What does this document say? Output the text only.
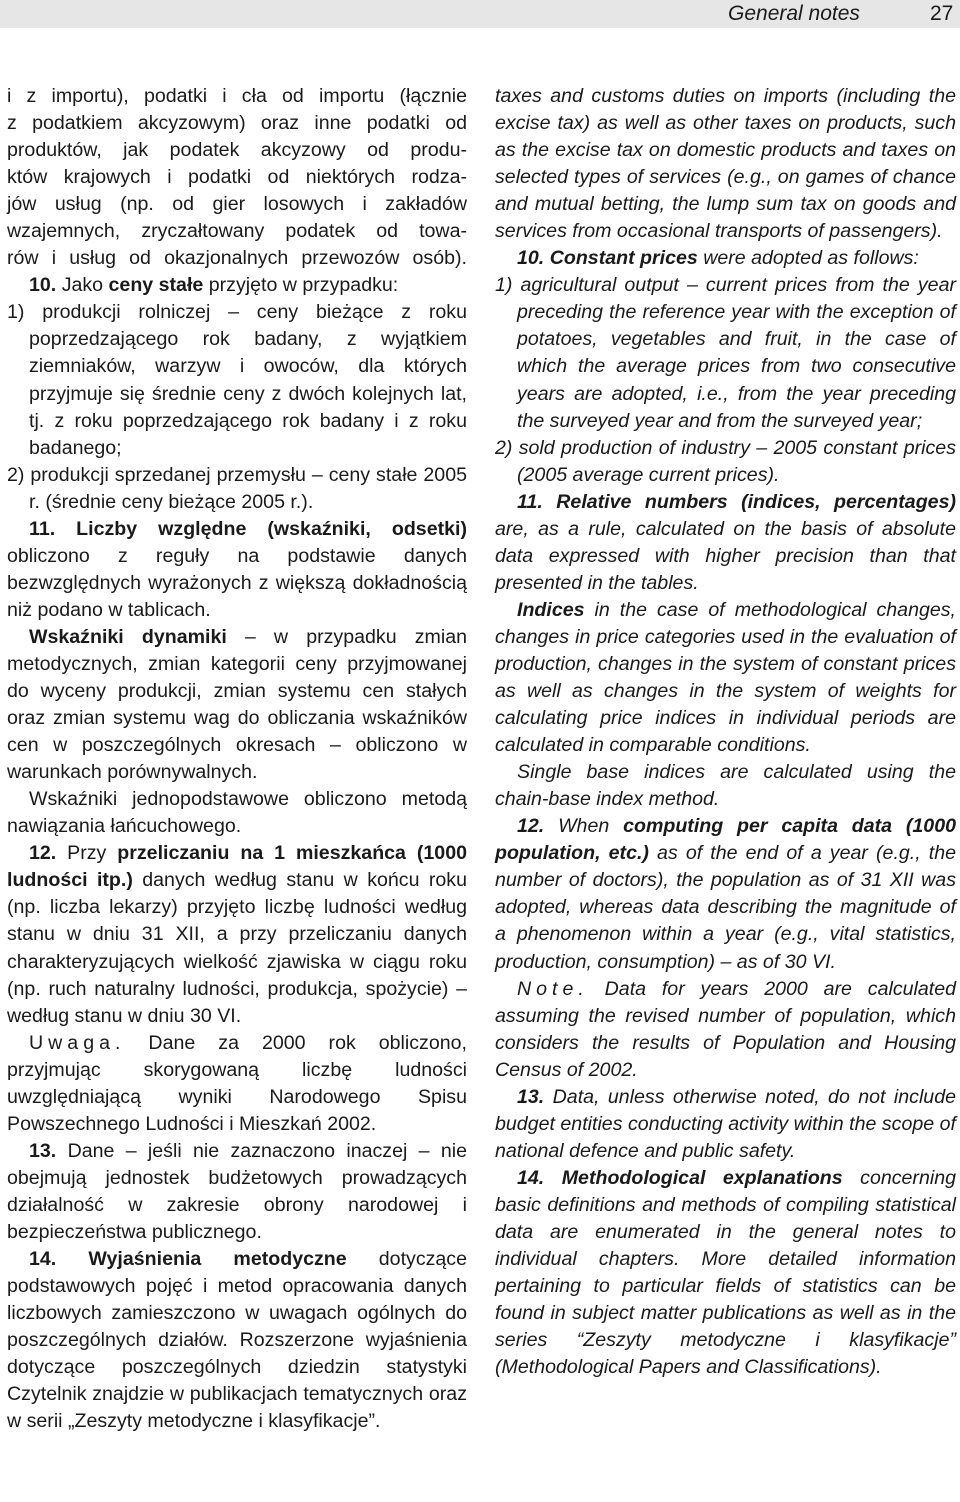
General notes	27
i z importu), podatki i cła od importu (łącznie
z podatkiem akcyzowym) oraz inne podatki od
produktów, jak podatek akcyzowy od produ-
któw krajowych i podatki od niektórych rodza-
jów usług (np. od gier losowych i zakładów
wzajemnych, zryczałtowany podatek od towa-
rów i usług od okazjonalnych przewozów osób).

10. Jako ceny stałe przyjęto w przypadku:

1) produkcji rolniczej – ceny bieżące z roku poprzedzającego rok badany, z wyjątkiem ziemniaków, warzyw i owoców, dla których przyjmuje się średnie ceny z dwóch kolejnych lat, tj. z roku poprzedzającego rok badany i z roku badanego;

2) produkcji sprzedanej przemysłu – ceny stałe 2005 r. (średnie ceny bieżące 2005 r.).

11. Liczby względne (wskaźniki, odsetki) obliczono z reguły na podstawie danych bezwzględnych wyrażonych z większą dokładnością niż podano w tablicach.

Wskaźniki dynamiki – w przypadku zmian metodycznych, zmian kategorii ceny przyjmowanej do wyceny produkcji, zmian systemu cen stałych oraz zmian systemu wag do obliczania wskaźników cen w poszczególnych okresach – obliczono w warunkach porównywalnych.

Wskaźniki jednopodstawowe obliczono metodą nawiązania łańcuchowego.

12. Przy przeliczaniu na 1 mieszkańca (1000 ludności itp.) danych według stanu w końcu roku (np. liczba lekarzy) przyjęto liczbę ludności według stanu w dniu 31 XII, a przy przeliczaniu danych charakteryzujących wielkość zjawiska w ciągu roku (np. ruch naturalny ludności, produkcja, spożycie) – według stanu w dniu 30 VI.

Uwaga. Dane za 2000 rok obliczono, przyjmując skorygowaną liczbę ludności uwzględniającą wyniki Narodowego Spisu Powszechnego Ludności i Mieszkań 2002.

13. Dane – jeśli nie zaznaczono inaczej – nie obejmują jednostek budżetowych prowadzących działalność w zakresie obrony narodowej i bezpieczeństwa publicznego.

14. Wyjaśnienia metodyczne dotyczące podstawowych pojęć i metod opracowania danych liczbowych zamieszczono w uwagach ogólnych do poszczególnych działów. Rozszerzone wyjaśnienia dotyczące poszczególnych dziedzin statystyki Czytelnik znajdzie w publikacjach tematycznych oraz w serii „Zeszyty metodyczne i klasyfikacje”.

taxes and customs duties on imports (including the excise tax) as well as other taxes on products, such as the excise tax on domestic products and taxes on selected types of services (e.g., on games of chance and mutual betting, the lump sum tax on goods and services from occasional transports of passengers).

10. Constant prices were adopted as follows:

1) agricultural output – current prices from the year preceding the reference year with the exception of potatoes, vegetables and fruit, in the case of which the average prices from two consecutive years are adopted, i.e., from the year preceding the surveyed year and from the surveyed year;

2) sold production of industry – 2005 constant prices (2005 average current prices).

11. Relative numbers (indices, percentages) are, as a rule, calculated on the basis of absolute data expressed with higher precision than that presented in the tables.

Indices in the case of methodological changes, changes in price categories used in the evaluation of production, changes in the system of constant prices as well as changes in the system of weights for calculating price indices in individual periods are calculated in comparable conditions.

Single base indices are calculated using the chain-base index method.

12. When computing per capita data (1000 population, etc.) as of the end of a year (e.g., the number of doctors), the population as of 31 XII was adopted, whereas data describing the magnitude of a phenomenon within a year (e.g., vital statistics, production, consumption) – as of 30 VI.

Note. Data for years 2000 are calculated assuming the revised number of population, which considers the results of Population and Housing Census of 2002.

13. Data, unless otherwise noted, do not include budget entities conducting activity within the scope of national defence and public safety.

14. Methodological explanations concerning basic definitions and methods of compiling statistical data are enumerated in the general notes to individual chapters. More detailed information pertaining to particular fields of statistics can be found in subject matter publications as well as in the series “Zeszyty metodyczne i klasyfikacje” (Methodological Papers and Classifications).
